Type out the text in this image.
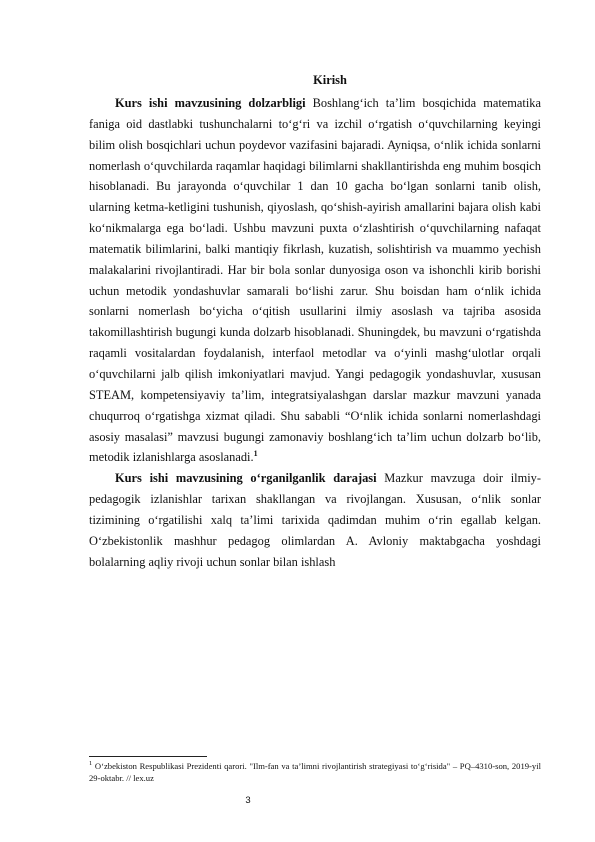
Kirish

Kurs ishi mavzusining dolzarbligi Boshlang‘ich ta’lim bosqichida matematika faniga oid dastlabki tushunchalarni to‘g‘ri va izchil o‘rgatish o‘quvchilarning keyingi bilim olish bosqichlari uchun poydevor vazifasini bajaradi. Ayniqsa, o‘nlik ichida sonlarni nomerlash o‘quvchilarda raqamlar haqidagi bilimlarni shakllantirishda eng muhim bosqich hisoblanadi. Bu jarayonda o‘quvchilar 1 dan 10 gacha bo‘lgan sonlarni tanib olish, ularning ketma-ketligini tushunish, qiyoslash, qo‘shish-ayirish amallarini bajara olish kabi ko‘nikmalarga ega bo‘ladi. Ushbu mavzuni puxta o‘zlashtirish o‘quvchilarning nafaqat matematik bilimlarini, balki mantiqiy fikrlash, kuzatish, solishtirish va muammo yechish malakalarini rivojlantiradi. Har bir bola sonlar dunyosiga oson va ishonchli kirib borishi uchun metodik yondashuvlar samarali bo‘lishi zarur. Shu boisdan ham o‘nlik ichida sonlarni nomerlash bo‘yicha o‘qitish usullarini ilmiy asoslash va tajriba asosida takomillashtirish bugungi kunda dolzarb hisoblanadi. Shuningdek, bu mavzuni o‘rgatishda raqamli vositalardan foydalanish, interfaol metodlar va o‘yinli mashg‘ulotlar orqali o‘quvchilarni jalb qilish imkoniyatlari mavjud. Yangi pedagogik yondashuvlar, xususan STEAM, kompetensiyaviy ta’lim, integratsiyalashgan darslar mazkur mavzuni yanada chuqurroq o‘rgatishga xizmat qiladi. Shu sababli “O‘nlik ichida sonlarni nomerlashdagi asosiy masalasi” mavzusi bugungi zamonaviy boshlang‘ich ta’lim uchun dolzarb bo‘lib, metodik izlanishlarga asoslanadi.$^1$

Kurs ishi mavzusining o‘rganilganlik darajasi Mazkur mavzuga doir ilmiy-pedagogik izlanishlar tarixan shakllangan va rivojlangan. Xususan, o‘nlik sonlar tizimining o‘rgatilishi xalq ta’limi tarixida qadimdan muhim o‘rin egallab kelgan. O‘zbekistonlik mashhur pedagog olimlardan A. Avloniy maktabgacha yoshdagi bolalarning aqliy rivoji uchun sonlar bilan ishlash

$^1$ O‘zbekiston Respublikasi Prezidenti qarori. "Ilm-fan va ta’limni rivojlantirish strategiyasi to‘g‘risida" – PQ–4310-son, 2019-yil 29-oktabr. // lex.uz

3
